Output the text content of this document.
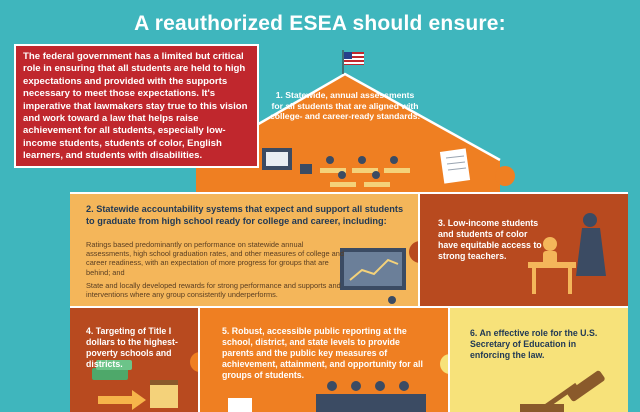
A reauthorized ESEA should ensure:
The federal government has a limited but critical role in ensuring that all students are held to high expectations and provided with the supports necessary to meet those expectations. It's imperative that lawmakers stay true to this vision and work toward a law that helps raise achievement for all students, especially low-income students, students of color, English learners, and students with disabilities.
1. Statewide, annual assessments for all students that are aligned with college- and career-ready standards.
2. Statewide accountability systems that expect and support all students to graduate from high school ready for college and career, including:

Ratings based predominantly on performance on statewide annual assessments, high school graduation rates, and other measures of college and career readiness, with an expectation of more progress for groups that are behind; and

State and locally developed rewards for strong performance and supports and interventions where any group consistently underperforms.

3. Low-income students and students of color have equitable access to strong teachers.
4. Targeting of Title I dollars to the highest-poverty schools and districts.
5. Robust, accessible public reporting at the school, district, and state levels to provide parents and the public key measures of achievement, attainment, and opportunity for all groups of students.
6. An effective role for the U.S. Secretary of Education in enforcing the law.
